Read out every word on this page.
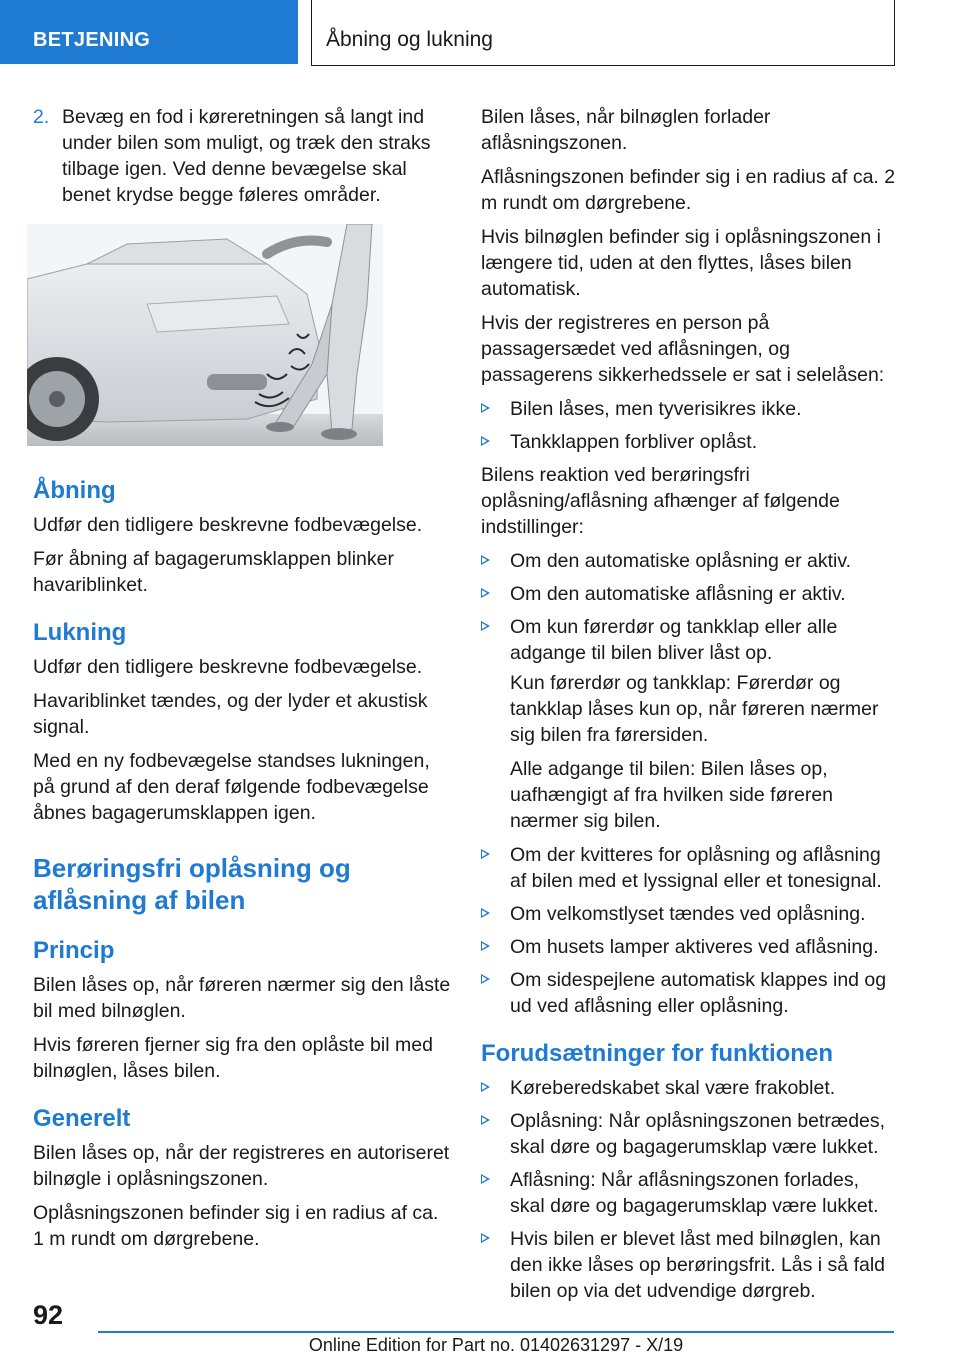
BETJENING	Åbning og lukning
2. Bevæg en fod i køreretningen så langt ind under bilen som muligt, og træk den straks tilbage igen. Ved denne bevægelse skal benet krydse begge føleres områder.
Åbning

Udfør den tidligere beskrevne fodbevægelse.

Før åbning af bagagerumsklappen blinker havariblinket.

Lukning

Udfør den tidligere beskrevne fodbevægelse.

Havariblinket tændes, og der lyder et akustisk signal.

Med en ny fodbevægelse standses lukningen, på grund af den deraf følgende fodbevægelse åbnes bagagerumsklappen igen.

Berøringsfri oplåsning og aflåsning af bilen
Princip

Bilen låses op, når føreren nærmer sig den låste bil med bilnøglen.

Hvis føreren fjerner sig fra den oplåste bil med bilnøglen, låses bilen.

Generelt

Bilen låses op, når der registreres en autoriseret bilnøgle i oplåsningszonen.

Oplåsningszonen befinder sig i en radius af ca. 1 m rundt om dørgrebene.

Bilen låses, når bilnøglen forlader aflåsningszonen.

Aflåsningszonen befinder sig i en radius af ca. 2 m rundt om dørgrebene.

Hvis bilnøglen befinder sig i oplåsningszonen i længere tid, uden at den flyttes, låses bilen automatisk.

Hvis der registreres en person på passagersædet ved aflåsningen, og passagerens sikkerhedssele er sat i selelåsen:

Bilen låses, men tyverisikres ikke.
Tankklappen forbliver oplåst.

Bilens reaktion ved berøringsfri oplåsning/aflåsning afhænger af følgende indstillinger:

Om den automatiske oplåsning er aktiv.
Om den automatiske aflåsning er aktiv.
Om kun førerdør og tankklap eller alle adgange til bilen bliver låst op.

Kun førerdør og tankklap: Førerdør og tankklap låses kun op, når føreren nærmer sig bilen fra førersiden.

Alle adgange til bilen: Bilen låses op, uafhængigt af fra hvilken side føreren nærmer sig bilen.

Om der kvitteres for oplåsning og aflåsning af bilen med et lyssignal eller et tonesignal.
Om velkomstlyset tændes ved oplåsning.
Om husets lamper aktiveres ved aflåsning.
Om sidespejlene automatisk klappes ind og ud ved aflåsning eller oplåsning.
Forudsætninger for funktionen
Køreberedskabet skal være frakoblet.
Oplåsning: Når oplåsningszonen betrædes, skal døre og bagagerumsklap være lukket.
Aflåsning: Når aflåsningszonen forlades, skal døre og bagagerumsklap være lukket.
Hvis bilen er blevet låst med bilnøglen, kan den ikke låses op berøringsfrit. Lås i så fald bilen op via det udvendige dørgreb.
92
Online Edition for Part no. 01402631297 - X/19
